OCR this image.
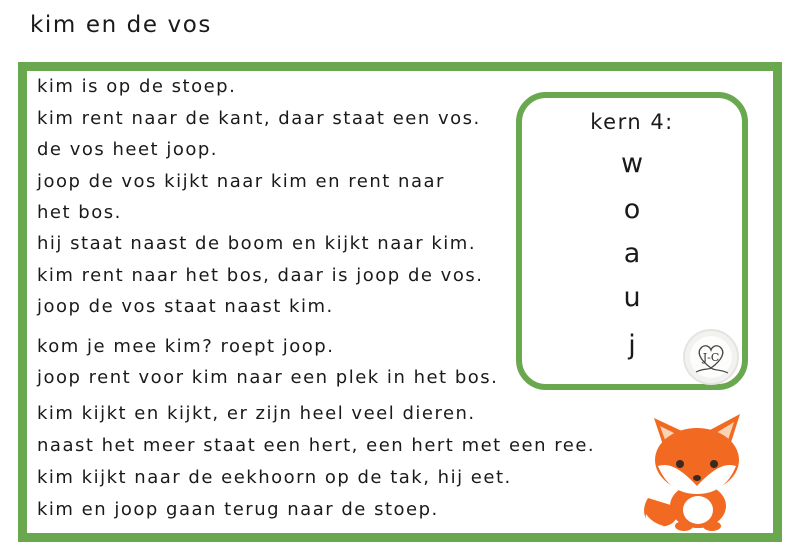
kim en de vos
kim is op de stoep.
kim rent naar de kant, daar staat een vos.
de vos heet joop.
joop de vos kijkt naar kim en rent naar
het bos.
hij staat naast de boom en kijkt naar kim.
kim rent naar het bos, daar is joop de vos.
joop de vos staat naast kim.
kom je mee kim? roept joop.
joop rent voor kim naar een plek in het bos.
kim kijkt en kijkt, er zijn heel veel dieren.
naast het meer staat een hert, een hert met een ree.
kim kijkt naar de eekhoorn op de tak, hij eet.
kim en joop gaan terug naar de stoep.
kern 4:
w
o
a
u
j	J-C
